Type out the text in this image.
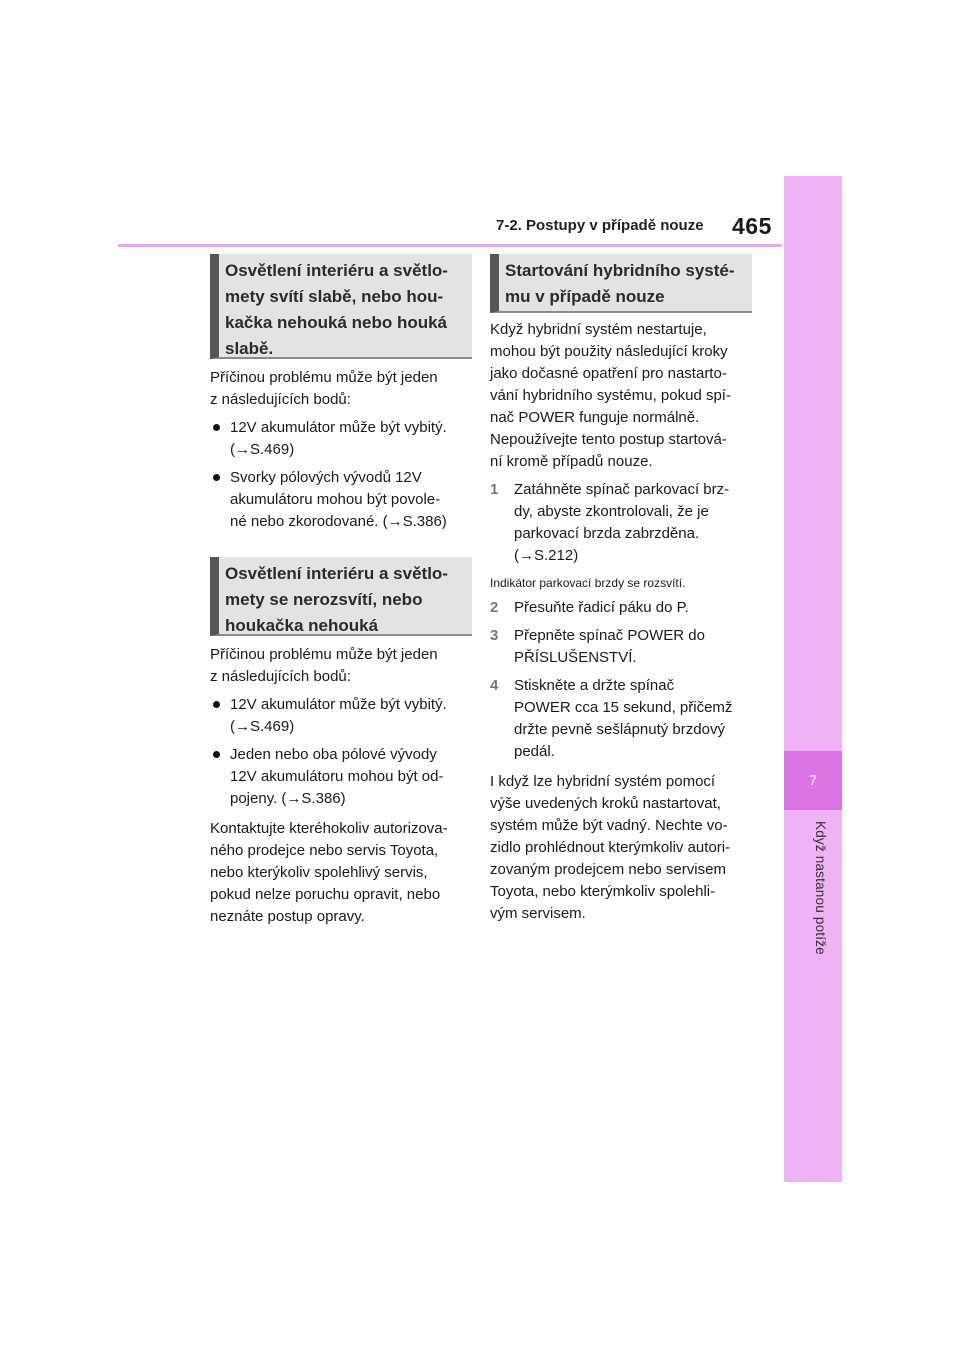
7-2. Postupy v případě nouze 465
7
Když nastanou potíže
Osvětlení interiéru a světlo-
mety svítí slabě, nebo hou-
kačka nehouká nebo houká
slabě.

Příčinou problému může být jeden

z následujících bodů:

12V akumulátor může být vybitý.
(→S.469)
Svorky pólových vývodů 12V
akumulátoru mohou být povole-
né nebo zkorodované. (→S.386)
Osvětlení interiéru a světlo-
mety se nerozsvítí, nebo
houkačka nehouká

Příčinou problému může být jeden

z následujících bodů:

12V akumulátor může být vybitý.
(→S.469)
Jeden nebo oba pólové vývody
12V akumulátoru mohou být od-
pojeny. (→S.386)

Kontaktujte kteréhokoliv autorizova-

ného prodejce nebo servis Toyota,

nebo kterýkoliv spolehlivý servis,

pokud nelze poruchu opravit, nebo

neznáte postup opravy.

Startování hybridního systé-
mu v případě nouze

Když hybridní systém nestartuje,

mohou být použity následující kroky

jako dočasné opatření pro nastarto-

vání hybridního systému, pokud spí-

nač POWER funguje normálně.

Nepoužívejte tento postup startová-

ní kromě případů nouze.

1	Zatáhněte spínač parkovací brz-
dy, abyste zkontrolovali, že je
parkovací brzda zabrzděna.
(→S.212)
Indikátor parkovací brzdy se rozsvítí.
2	Přesuňte řadicí páku do P.
3	Přepněte spínač POWER do
PŘÍSLUŠENSTVÍ.
4	Stiskněte a držte spínač
POWER cca 15 sekund, přičemž
držte pevně sešlápnutý brzdový
pedál.

I když lze hybridní systém pomocí

výše uvedených kroků nastartovat,

systém může být vadný. Nechte vo-

zidlo prohlédnout kterýmkoliv autori-

zovaným prodejcem nebo servisem

Toyota, nebo kterýmkoliv spolehli-

vým servisem.
